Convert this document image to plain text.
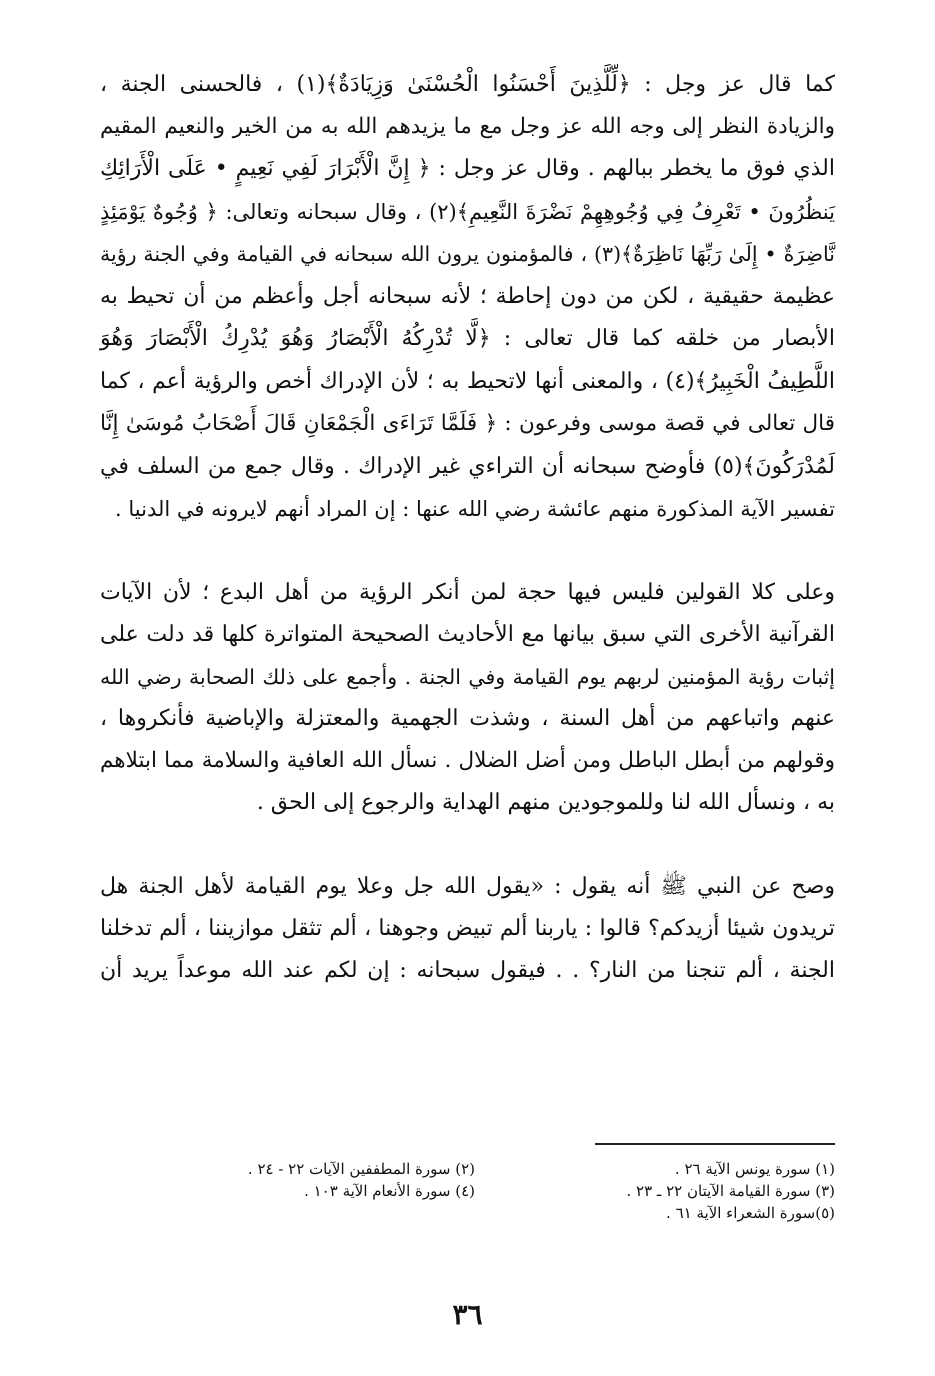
كما قال عز وجل : ﴿لِّلَّذِينَ أَحْسَنُوا الْحُسْنَىٰ وَزِيَادَةٌ﴾(١) ، فالحسنى الجنة ،
والزيادة النظر إلى وجه الله عز وجل مع ما يزيدهم الله به من الخير والنعيم المقيم
الذي فوق ما يخطر ببالهم . وقال عز وجل : ﴿ إِنَّ الْأَبْرَارَ لَفِي نَعِيمٍ • عَلَى الْأَرَائِكِ
يَنظُرُونَ • تَعْرِفُ فِي وُجُوهِهِمْ نَضْرَةَ النَّعِيمِ﴾(٢) ، وقال سبحانه وتعالى: ﴿ وُجُوهٌ يَوْمَئِذٍ
نَّاضِرَةٌ • إِلَىٰ رَبِّهَا نَاظِرَةٌ﴾(٣) ، فالمؤمنون يرون الله سبحانه في القيامة وفي الجنة رؤية
عظيمة حقيقية ، لكن من دون إحاطة ؛ لأنه سبحانه أجل وأعظم من أن تحيط به
الأبصار من خلقه كما قال تعالى : ﴿لَّا تُدْرِكُهُ الْأَبْصَارُ وَهُوَ يُدْرِكُ الْأَبْصَارَ وَهُوَ
اللَّطِيفُ الْخَبِيرُ﴾(٤) ، والمعنى أنها لاتحيط به ؛ لأن الإدراك أخص والرؤية أعم ، كما
قال تعالى في قصة موسى وفرعون : ﴿ فَلَمَّا تَرَاءَى الْجَمْعَانِ قَالَ أَصْحَابُ مُوسَىٰ إِنَّا
لَمُدْرَكُونَ﴾(٥) فأوضح سبحانه أن التراءي غير الإدراك . وقال جمع من السلف في
تفسير الآية المذكورة منهم عائشة رضي الله عنها : إن المراد أنهم لايرونه في الدنيا .
وعلى كلا القولين فليس فيها حجة لمن أنكر الرؤية من أهل البدع ؛ لأن الآيات
القرآنية الأخرى التي سبق بيانها مع الأحاديث الصحيحة المتواترة كلها قد دلت على
إثبات رؤية المؤمنين لربهم يوم القيامة وفي الجنة . وأجمع على ذلك الصحابة رضي الله
عنهم واتباعهم من أهل السنة ، وشذت الجهمية والمعتزلة والإباضية فأنكروها ،
وقولهم من أبطل الباطل ومن أضل الضلال . نسأل الله العافية والسلامة مما ابتلاهم
به ، ونسأل الله لنا وللموجودين منهم الهداية والرجوع إلى الحق .
وصح عن النبي ﷺ أنه يقول : «يقول الله جل وعلا يوم القيامة لأهل الجنة هل
تريدون شيئا أزيدكم؟ قالوا : ياربنا ألم تبيض وجوهنا ، ألم تثقل موازيننا ، ألم تدخلنا
الجنة ، ألم تنجنا من النار؟ . . فيقول سبحانه : إن لكم عند الله موعداً يريد أن
(١) سورة يونس الآية ٢٦ .
(٢) سورة المطففين الآيات ٢٢ - ٢٤ .
(٣) سورة القيامة الآيتان ٢٢ ـ ٢٣ .
(٤) سورة الأنعام الآية ١٠٣ .
(٥)سورة الشعراء الآية ٦١ .
٣٦
